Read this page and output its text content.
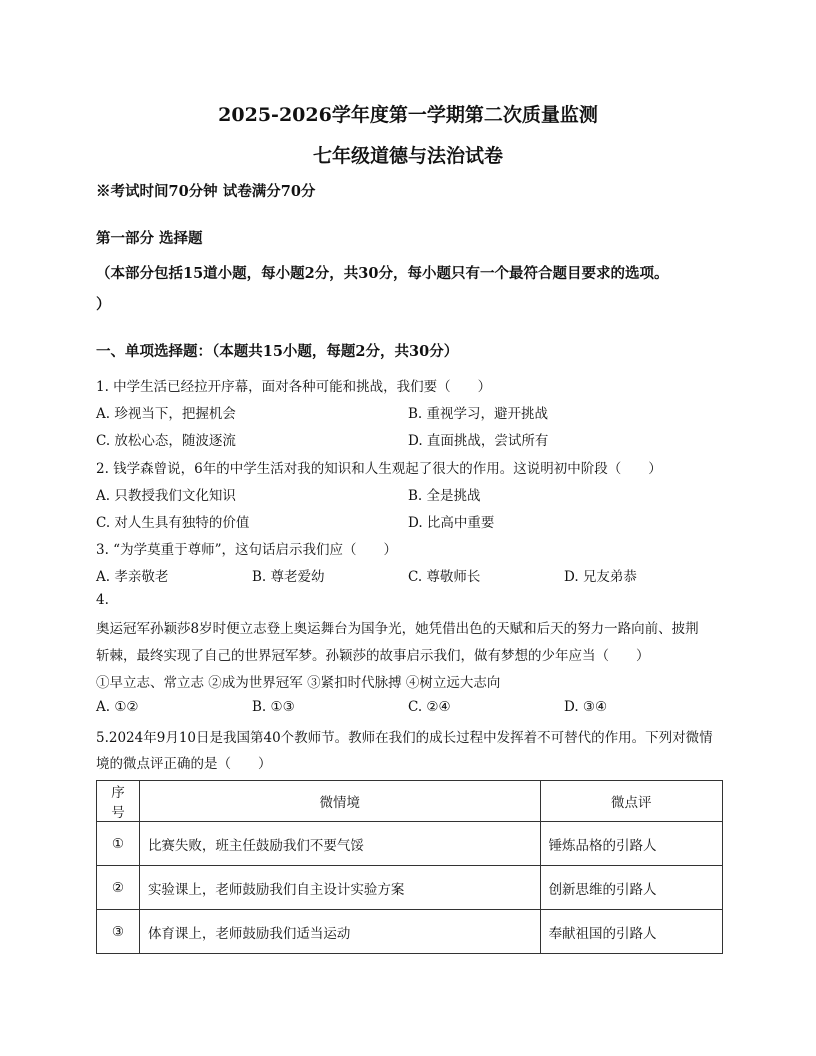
2025-2026学年度第一学期第二次质量监测
七年级道德与法治试卷
※考试时间70分钟 试卷满分70分
第一部分 选择题
（本部分包括15道小题，每小题2分，共30分，每小题只有一个最符合题目要求的选项。
）
一、单项选择题：（本题共15小题，每题2分，共30分）
1. 中学生活已经拉开序幕，面对各种可能和挑战，我们要（　　）
A. 珍视当下，把握机会	B. 重视学习，避开挑战
C. 放松心态，随波逐流	D. 直面挑战，尝试所有
2. 钱学森曾说，6年的中学生活对我的知识和人生观起了很大的作用。这说明初中阶段（　　）
A. 只教授我们文化知识	B. 全是挑战
C. 对人生具有独特的价值	D. 比高中重要
3. “为学莫重于尊师”，这句话启示我们应（　　）
A. 孝亲敬老	B. 尊老爱幼	C. 尊敬师长	D. 兄友弟恭
4.
奥运冠军孙颖莎8岁时便立志登上奥运舞台为国争光，她凭借出色的天赋和后天的努力一路向前、披荆
斩棘，最终实现了自己的世界冠军梦。孙颖莎的故事启示我们，做有梦想的少年应当（　　）
①早立志、常立志 ②成为世界冠军 ③紧扣时代脉搏 ④树立远大志向
A. ①②	B. ①③	C. ②④	D. ③④
5.2024年9月10日是我国第40个教师节。教师在我们的成长过程中发挥着不可替代的作用。下列对微情
境的微点评正确的是（　　）
序号	微情境	微点评
①	比赛失败，班主任鼓励我们不要气馁	锤炼品格的引路人
②	实验课上，老师鼓励我们自主设计实验方案	创新思维的引路人
③	体育课上，老师鼓励我们适当运动	奉献祖国的引路人
